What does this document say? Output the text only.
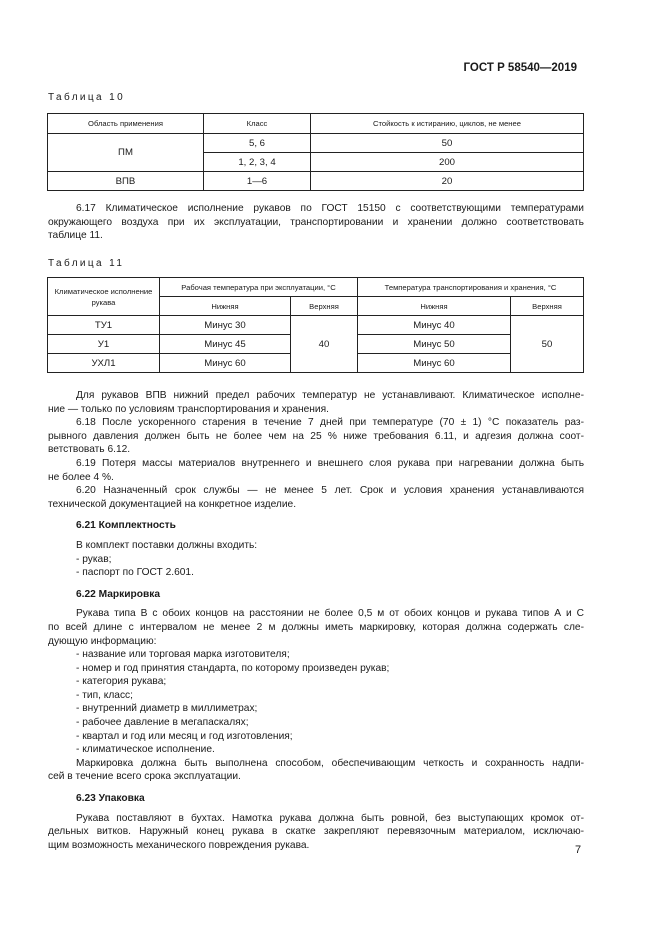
ГОСТ Р 58540—2019
Таблица 10
Область применения	Класс	Стойкость к истиранию, циклов, не менее
ПМ	5, 6	50
	1, 2, 3, 4	200
ВПВ	1—6	20

6.17 Климатическое исполнение рукавов по ГОСТ 15150 с соответствующими температурами

окружающего воздуха при их эксплуатации, транспортировании и хранении должно соответствовать

таблице 11.

Таблица 11
Климатическое исполнение рукава	Рабочая температура при эксплуатации, °С		Температура транспортирования и хранения, °С	
	Нижняя	Верхняя	Нижняя	Верхняя
ТУ1	Минус 30	40	Минус 40	50
У1	Минус 45		Минус 50	
УХЛ1	Минус 60		Минус 60	

Для рукавов ВПВ нижний предел рабочих температур не устанавливают. Климатическое исполне-

ние — только по условиям транспортирования и хранения.

6.18 После ускоренного старения в течение 7 дней при температуре (70 ± 1) °С показатель раз-

рывного давления должен быть не более чем на 25 % ниже требования 6.11, и адгезия должна соот-

ветствовать 6.12.

6.19 Потеря массы материалов внутреннего и внешнего слоя рукава при нагревании должна быть

не более 4 %.

6.20 Назначенный срок службы — не менее 5 лет. Срок и условия хранения устанавливаются

технической документацией на конкретное изделие.

6.21 Комплектность

В комплект поставки должны входить:

- рукав;

- паспорт по ГОСТ 2.601.

6.22 Маркировка

Рукава типа В с обоих концов на расстоянии не более 0,5 м от обоих концов и рукава типов А и С

по всей длине с интервалом не менее 2 м должны иметь маркировку, которая должна содержать сле-

дующую информацию:

- название или торговая марка изготовителя;

- номер и год принятия стандарта, по которому произведен рукав;

- категория рукава;

- тип, класс;

- внутренний диаметр в миллиметрах;

- рабочее давление в мегапаскалях;

- квартал и год или месяц и год изготовления;

- климатическое исполнение.

Маркировка должна быть выполнена способом, обеспечивающим четкость и сохранность надпи-

сей в течение всего срока эксплуатации.

6.23 Упаковка

Рукава поставляют в бухтах. Намотка рукава должна быть ровной, без выступающих кромок от-

дельных витков. Наружный конец рукава в скатке закрепляют перевязочным материалом, исключаю-

щим возможность механического повреждения рукава.	7
